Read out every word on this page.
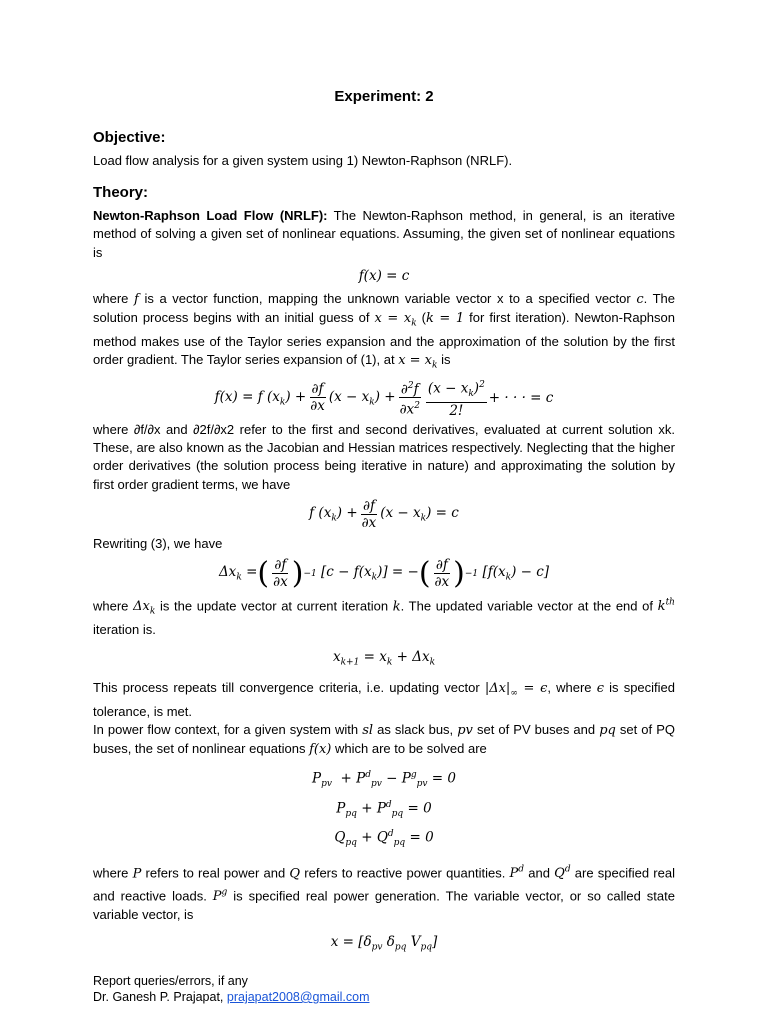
Experiment: 2
Objective:

Load flow analysis for a given system using 1) Newton-Raphson (NRLF).

Theory:

Newton-Raphson Load Flow (NRLF): The Newton-Raphson method, in general, is an iterative method of solving a given set of nonlinear equations. Assuming, the given set of nonlinear equations is

f(x) = c

where f is a vector function, mapping the unknown variable vector x to a specified vector c. The solution process begins with an initial guess of $x = x_k$ (k = 1 for first iteration). Newton-Raphson method makes use of the Taylor series expansion and the approximation of the solution by the first order gradient. The Taylor series expansion of (1), at $x = x_k$ is

f(x) = f $(x_k) + \frac{\partial f}{\partial x} (x - x_k) + \frac{\partial^2f}{\partial x^2} \frac{(x - x_k)^2}{2!}$ + · · · = c

where ∂f/∂x and ∂2f/∂x2 refer to the first and second derivatives, evaluated at current solution xk. These, are also known as the Jacobian and Hessian matrices respectively. Neglecting that the higher order derivatives (the solution process being iterative in nature) and approximating the solution by first order gradient terms, we have

f $(x_k) + \frac{\partial f}{\partial x} (x - x_k) = c$

Rewriting (3), we have

$\Delta x_k$ = ( $\frac{\partial f}{\partial x}$ ) −1 $[c - f(x_k)]$ = − ( $\frac{\partial f}{\partial x}$ ) −1 $[f(x_k) - c]$

where $\Delta x_k$ is the update vector at current iteration k. The updated variable vector at the end of $k^{th}$ iteration is.

$x_{k+1} = x_k + \Delta x_k$

This process repeats till convergence criteria, i.e. updating vector $|\Delta x|_\infty = \epsilon$, where ϵ is specified tolerance, is met.

In power flow context, for a given system with sl as slack bus, pv set of PV buses and pq set of PQ buses, the set of nonlinear equations f(x) which are to be solved are

$P_{pv} + P^d_{pv} - P^g_{pv} = 0$
$P_{pq} + P^d_{pq} = 0$
$Q_{pq} + Q^d_{pq} = 0$

where P refers to real power and Q refers to reactive power quantities. $P^d$ and $Q^d$ are specified real and reactive loads. $P^g$ is specified real power generation. The variable vector, or so called state variable vector, is

$x = [\delta_{pv}$ $\delta_{pq}$ $V_{pq}$]
Report queries/errors, if any
Dr. Ganesh P. Prajapat, prajapat2008@gmail.com
